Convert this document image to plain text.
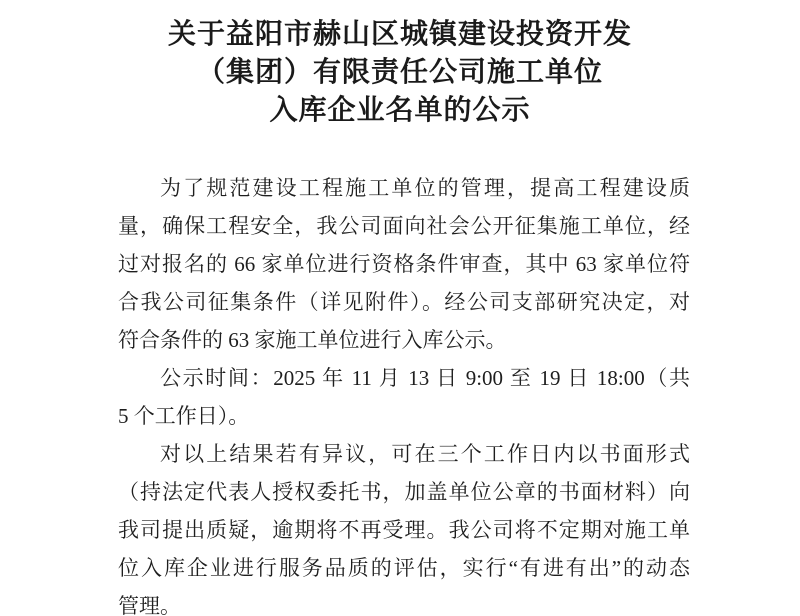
关于益阳市赫山区城镇建设投资开发
（集团）有限责任公司施工单位
入库企业名单的公示
为了规范建设工程施工单位的管理，提高工程建设质
量，确保工程安全，我公司面向社会公开征集施工单位，经
过对报名的 66 家单位进行资格条件审查，其中 63 家单位符
合我公司征集条件（详见附件）。经公司支部研究决定，对
符合条件的 63 家施工单位进行入库公示。
公示时间：2025 年 11 月 13 日 9:00 至 19 日 18:00（共
5 个工作日）。
对以上结果若有异议，可在三个工作日内以书面形式
（持法定代表人授权委托书，加盖单位公章的书面材料）向
我司提出质疑，逾期将不再受理。我公司将不定期对施工单
位入库企业进行服务品质的评估，实行“有进有出”的动态
管理。
